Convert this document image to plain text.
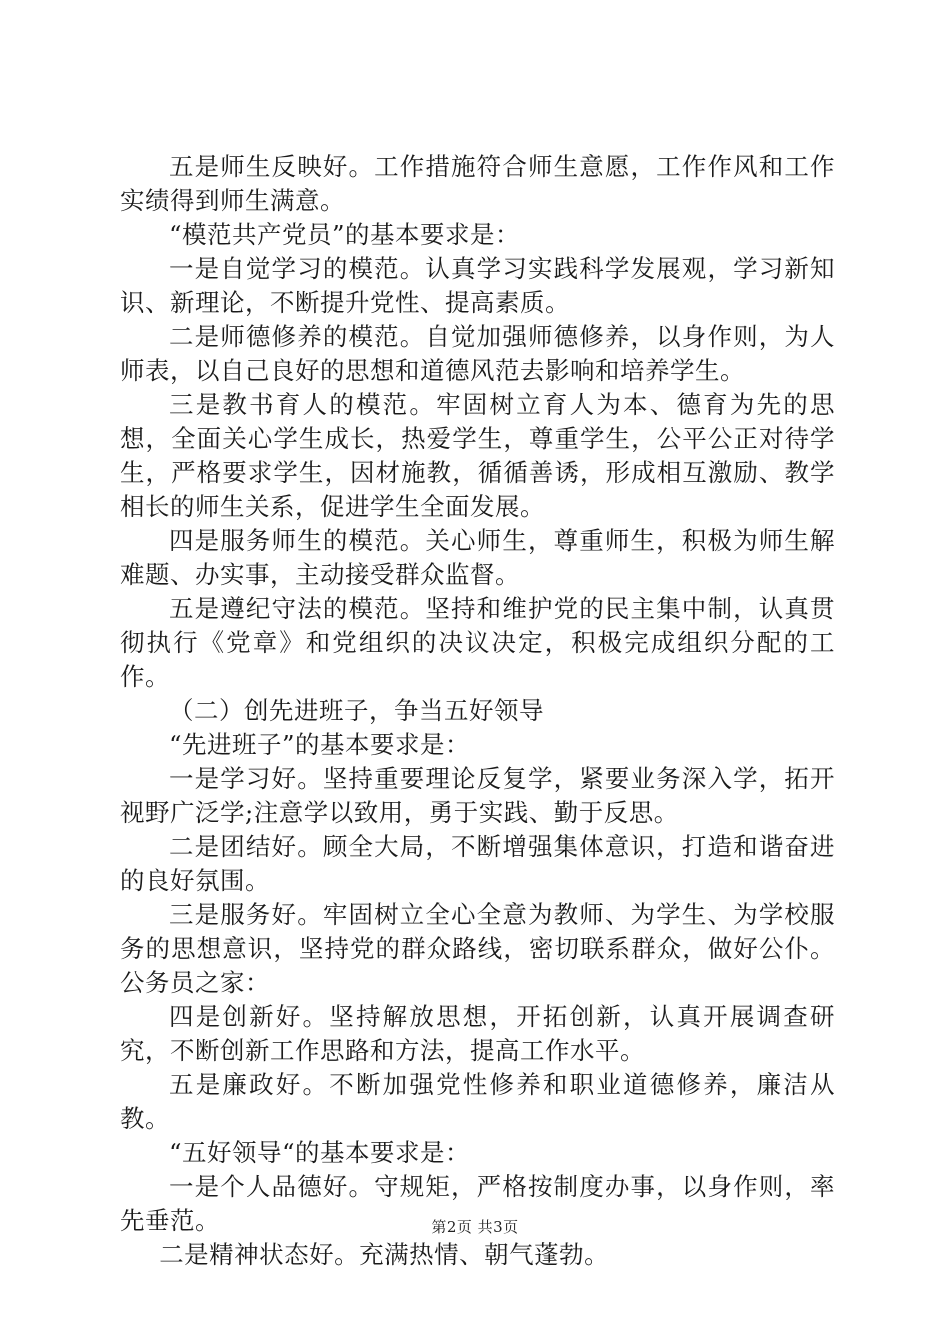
五是师生反映好。工作措施符合师生意愿，工作作风和工作实绩得到师生满意。

“模范共产党员”的基本要求是：

一是自觉学习的模范。认真学习实践科学发展观，学习新知识、新理论，不断提升党性、提高素质。

二是师德修养的模范。自觉加强师德修养，以身作则，为人师表，以自己良好的思想和道德风范去影响和培养学生。

三是教书育人的模范。牢固树立育人为本、德育为先的思想，全面关心学生成长，热爱学生，尊重学生，公平公正对待学生，严格要求学生，因材施教，循循善诱，形成相互激励、教学相长的师生关系，促进学生全面发展。

四是服务师生的模范。关心师生，尊重师生，积极为师生解难题、办实事，主动接受群众监督。

五是遵纪守法的模范。坚持和维护党的民主集中制，认真贯彻执行《党章》和党组织的决议决定，积极完成组织分配的工作。

（二）创先进班子，争当五好领导

“先进班子”的基本要求是：

一是学习好。坚持重要理论反复学，紧要业务深入学，拓开视野广泛学;注意学以致用，勇于实践、勤于反思。

二是团结好。顾全大局，不断增强集体意识，打造和谐奋进的良好氛围。

三是服务好。牢固树立全心全意为教师、为学生、为学校服务的思想意识，坚持党的群众路线，密切联系群众，做好公仆。公务员之家：

四是创新好。坚持解放思想，开拓创新，认真开展调查研究，不断创新工作思路和方法，提高工作水平。

五是廉政好。不断加强党性修养和职业道德修养，廉洁从教。

“五好领导“的基本要求是：

一是个人品德好。守规矩，严格按制度办事，以身作则，率先垂范。

二是精神状态好。充满热情、朝气蓬勃。

第2页 共3页
